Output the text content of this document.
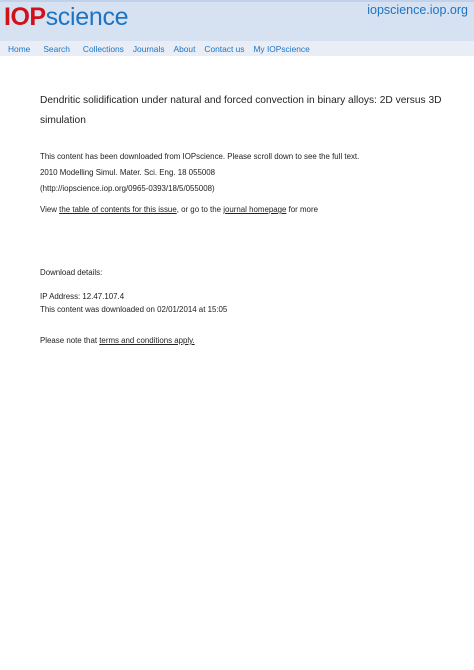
IOP science	iopscience.iop.org
Home Search Collections Journals About Contact us My IOPscience
Dendritic solidification under natural and forced convection in binary alloys: 2D versus 3D simulation
This content has been downloaded from IOPscience. Please scroll down to see the full text.
2010 Modelling Simul. Mater. Sci. Eng. 18 055008
(http://iopscience.iop.org/0965-0393/18/5/055008)
View the table of contents for this issue, or go to the journal homepage for more
Download details:
IP Address: 12.47.107.4
This content was downloaded on 02/01/2014 at 15:05
Please note that terms and conditions apply.
